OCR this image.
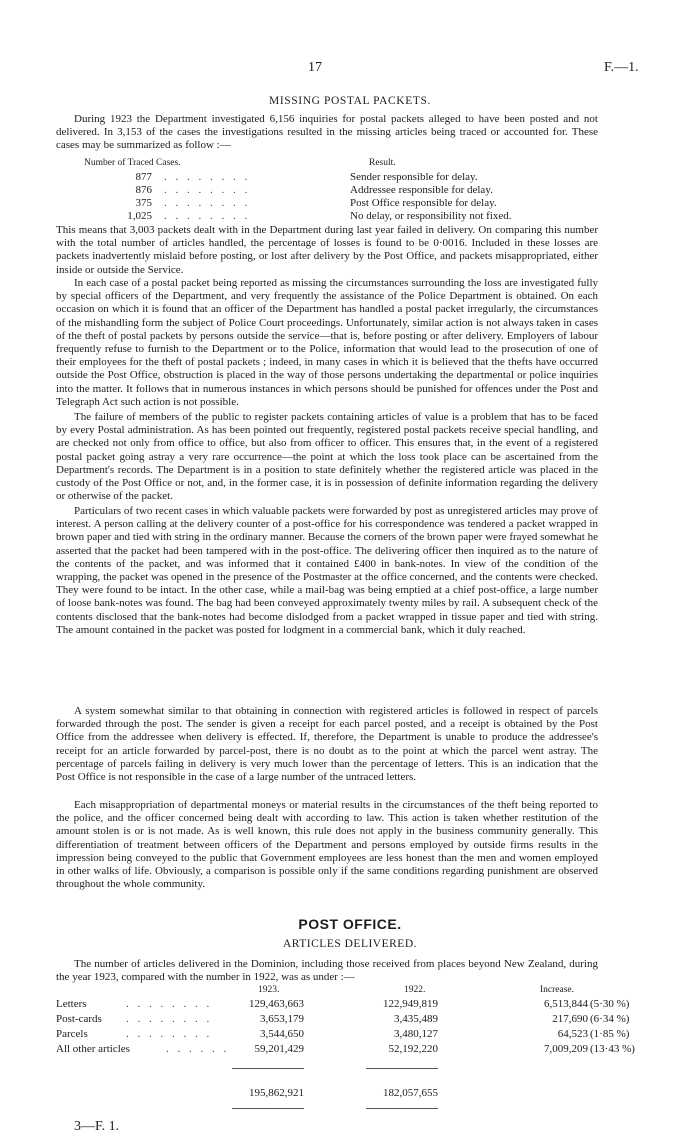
17	F.—1.
MISSING POSTAL PACKETS.
During 1923 the Department investigated 6,156 inquiries for postal packets alleged to have been posted and not delivered. In 3,153 of the cases the investigations resulted in the missing articles being traced or accounted for. These cases may be summarized as follow :—
Number of Traced Cases.	Result.
877 . . . . . . . .	Sender responsible for delay.
876 . . . . . . . .	Addressee responsible for delay.
375 . . . . . . . .	Post Office responsible for delay.
1,025 . . . . . . . .	No delay, or responsibility not fixed.
This means that 3,003 packets dealt with in the Department during last year failed in delivery. On comparing this number with the total number of articles handled, the percentage of losses is found to be 0·0016. Included in these losses are packets inadvertently mislaid before posting, or lost after delivery by the Post Office, and packets misappropriated, either inside or outside the Service.
In each case of a postal packet being reported as missing the circumstances surrounding the loss are investigated fully by special officers of the Department, and very frequently the assistance of the Police Department is obtained. On each occasion on which it is found that an officer of the Department has handled a postal packet irregularly, the circumstances of the mishandling form the subject of Police Court proceedings. Unfortunately, similar action is not always taken in cases of the theft of postal packets by persons outside the service—that is, before posting or after delivery. Employers of labour frequently refuse to furnish to the Department or to the Police, information that would lead to the prosecution of one of their employees for the theft of postal packets ; indeed, in many cases in which it is believed that the thefts have occurred outside the Post Office, obstruction is placed in the way of those persons undertaking the departmental or police inquiries into the matter. It follows that in numerous instances in which persons should be punished for offences under the Post and Telegraph Act such action is not possible.
The failure of members of the public to register packets containing articles of value is a problem that has to be faced by every Postal administration. As has been pointed out frequently, registered postal packets receive special handling, and are checked not only from office to office, but also from officer to officer. This ensures that, in the event of a registered postal packet going astray a very rare occurrence—the point at which the loss took place can be ascertained from the Department's records. The Department is in a position to state definitely whether the registered article was placed in the custody of the Post Office or not, and, in the former case, it is in possession of definite information regarding the delivery or otherwise of the packet.
Particulars of two recent cases in which valuable packets were forwarded by post as unregistered articles may prove of interest. A person calling at the delivery counter of a post-office for his correspondence was tendered a packet wrapped in brown paper and tied with string in the ordinary manner. Because the corners of the brown paper were frayed somewhat he asserted that the packet had been tampered with in the post-office. The delivering officer then inquired as to the nature of the contents of the packet, and was informed that it contained £400 in bank-notes. In view of the condition of the wrapping, the packet was opened in the presence of the Postmaster at the office concerned, and the contents were checked. They were found to be intact. In the other case, while a mail-bag was being emptied at a chief post-office, a large number of loose bank-notes was found. The bag had been conveyed approximately twenty miles by rail. A subsequent check of the contents disclosed that the bank-notes had become dislodged from a packet wrapped in tissue paper and tied with string. The amount contained in the packet was posted for lodgment in a commercial bank, which it duly reached.
A system somewhat similar to that obtaining in connection with registered articles is followed in respect of parcels forwarded through the post. The sender is given a receipt for each parcel posted, and a receipt is obtained by the Post Office from the addressee when delivery is effected. If, therefore, the Department is unable to produce the addressee's receipt for an article forwarded by parcel-post, there is no doubt as to the point at which the parcel went astray. The percentage of parcels failing in delivery is very much lower than the percentage of letters. This is an indication that the Post Office is not responsible in the case of a large number of the untraced letters.
Each misappropriation of departmental moneys or material results in the circumstances of the theft being reported to the police, and the officer concerned being dealt with according to law. This action is taken whether restitution of the amount stolen is or is not made. As is well known, this rule does not apply in the business community generally. This differentiation of treatment between officers of the Department and persons employed by outside firms results in the impression being conveyed to the public that Government employees are less honest than the men and women employed in other walks of life. Obviously, a comparison is possible only if the same conditions regarding punishment are observed throughout the whole community.
POST OFFICE.
ARTICLES DELIVERED.
The number of articles delivered in the Dominion, including those received from places beyond New Zealand, during the year 1923, compared with the number in 1922, was as under :—
1923.	1922.	Increase.
Letters	. . . . . . . .	129,463,663	122,949,819	6,513,844 (5·30 %)
Post-cards . . . . . . . .	3,653,179	3,435,489	217,690 (6·34 %)
Parcels	. . . . . . . .	3,544,650	3,480,127	64,523 (1·85 %)
All other articles	. . . . . . 59,201,429	52,192,220	7,009,209 (13·43 %)
195,862,921	182,057,655
3—F. 1.
